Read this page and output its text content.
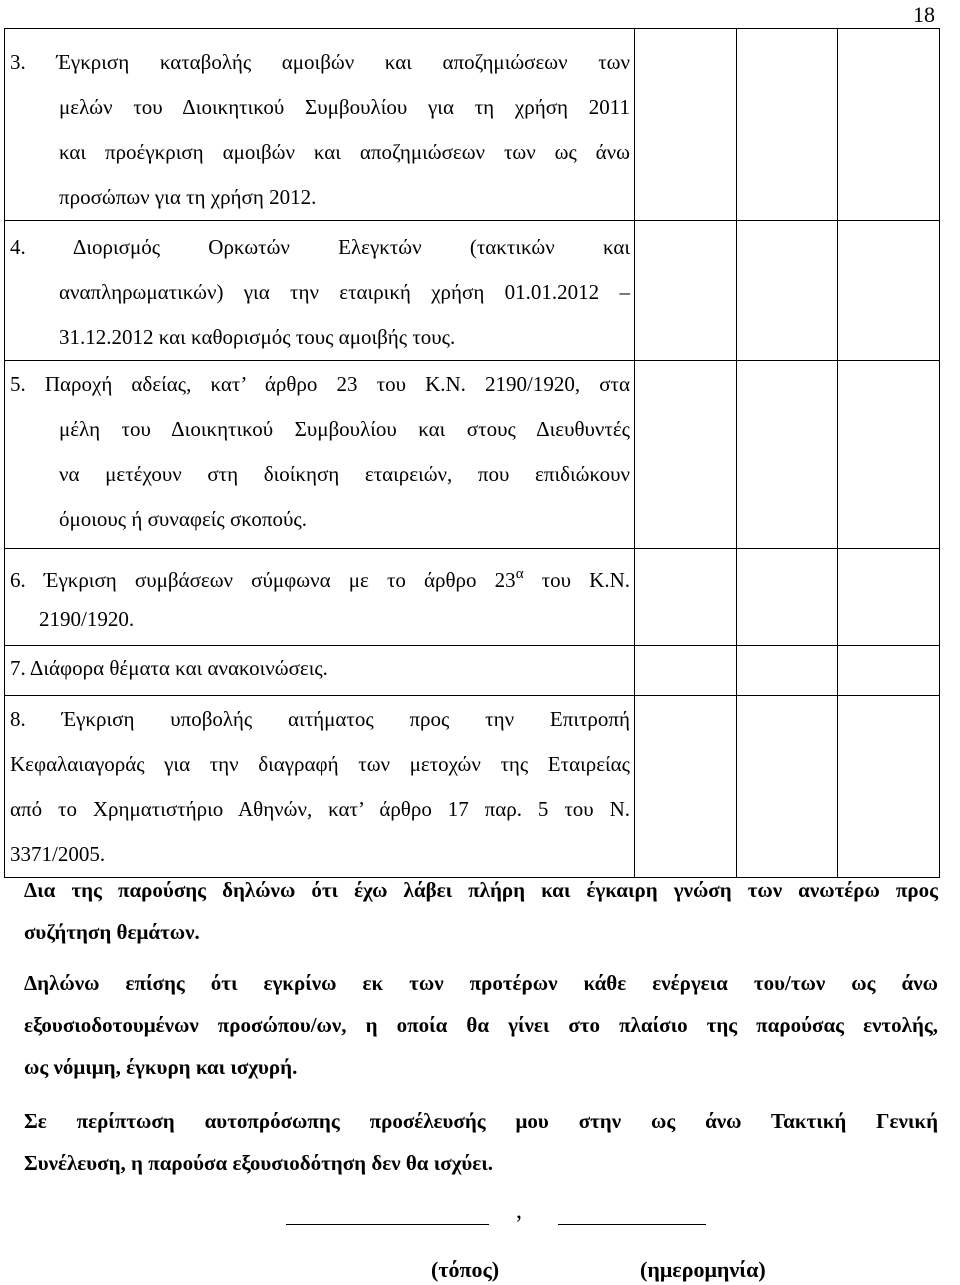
18
3. Έγκριση καταβολής αμοιβών και αποζημιώσεων των
μελών του Διοικητικού Συμβουλίου για τη χρήση 2011
και προέγκριση αμοιβών και αποζημιώσεων των ως άνω
προσώπων για τη χρήση 2012.			

4. Διορισμός Ορκωτών Ελεγκτών (τακτικών και
αναπληρωματικών) για την εταιρική χρήση 01.01.2012 –
31.12.2012 και καθορισμός τους αμοιβής τους.			

5. Παροχή αδείας, κατ’ άρθρο 23 του Κ.Ν. 2190/1920, στα
μέλη του Διοικητικού Συμβουλίου και στους Διευθυντές
να μετέχουν στη διοίκηση εταιρειών, που επιδιώκουν
όμοιους ή συναφείς σκοπούς.			

6. Έγκριση συμβάσεων σύμφωνα με το άρθρο $23^\alpha$ του Κ.Ν.
2190/1920.			

7. Διάφορα θέματα και ανακοινώσεις.			

8. Έγκριση υποβολής αιτήματος προς την Επιτροπή
Κεφαλαιαγοράς για την διαγραφή των μετοχών της Εταιρείας
από το Χρηματιστήριο Αθηνών, κατ’ άρθρο 17 παρ. 5 του Ν.
3371/2005.			

Δια της παρούσης δηλώνω ότι έχω λάβει πλήρη και έγκαιρη γνώση των ανωτέρω προς
συζήτηση θεμάτων.
Δηλώνω επίσης ότι εγκρίνω εκ των προτέρων κάθε ενέργεια του/των ως άνω
εξουσιοδοτουμένων προσώπου/ων, η οποία θα γίνει στο πλαίσιο της παρούσας εντολής,
ως νόμιμη, έγκυρη και ισχυρή.
Σε περίπτωση αυτοπρόσωπης προσέλευσής μου στην ως άνω Τακτική Γενική
Συνέλευση, η παρούσα εξουσιοδότηση δεν θα ισχύει.
,
(τόπος)	(ημερομηνία)
